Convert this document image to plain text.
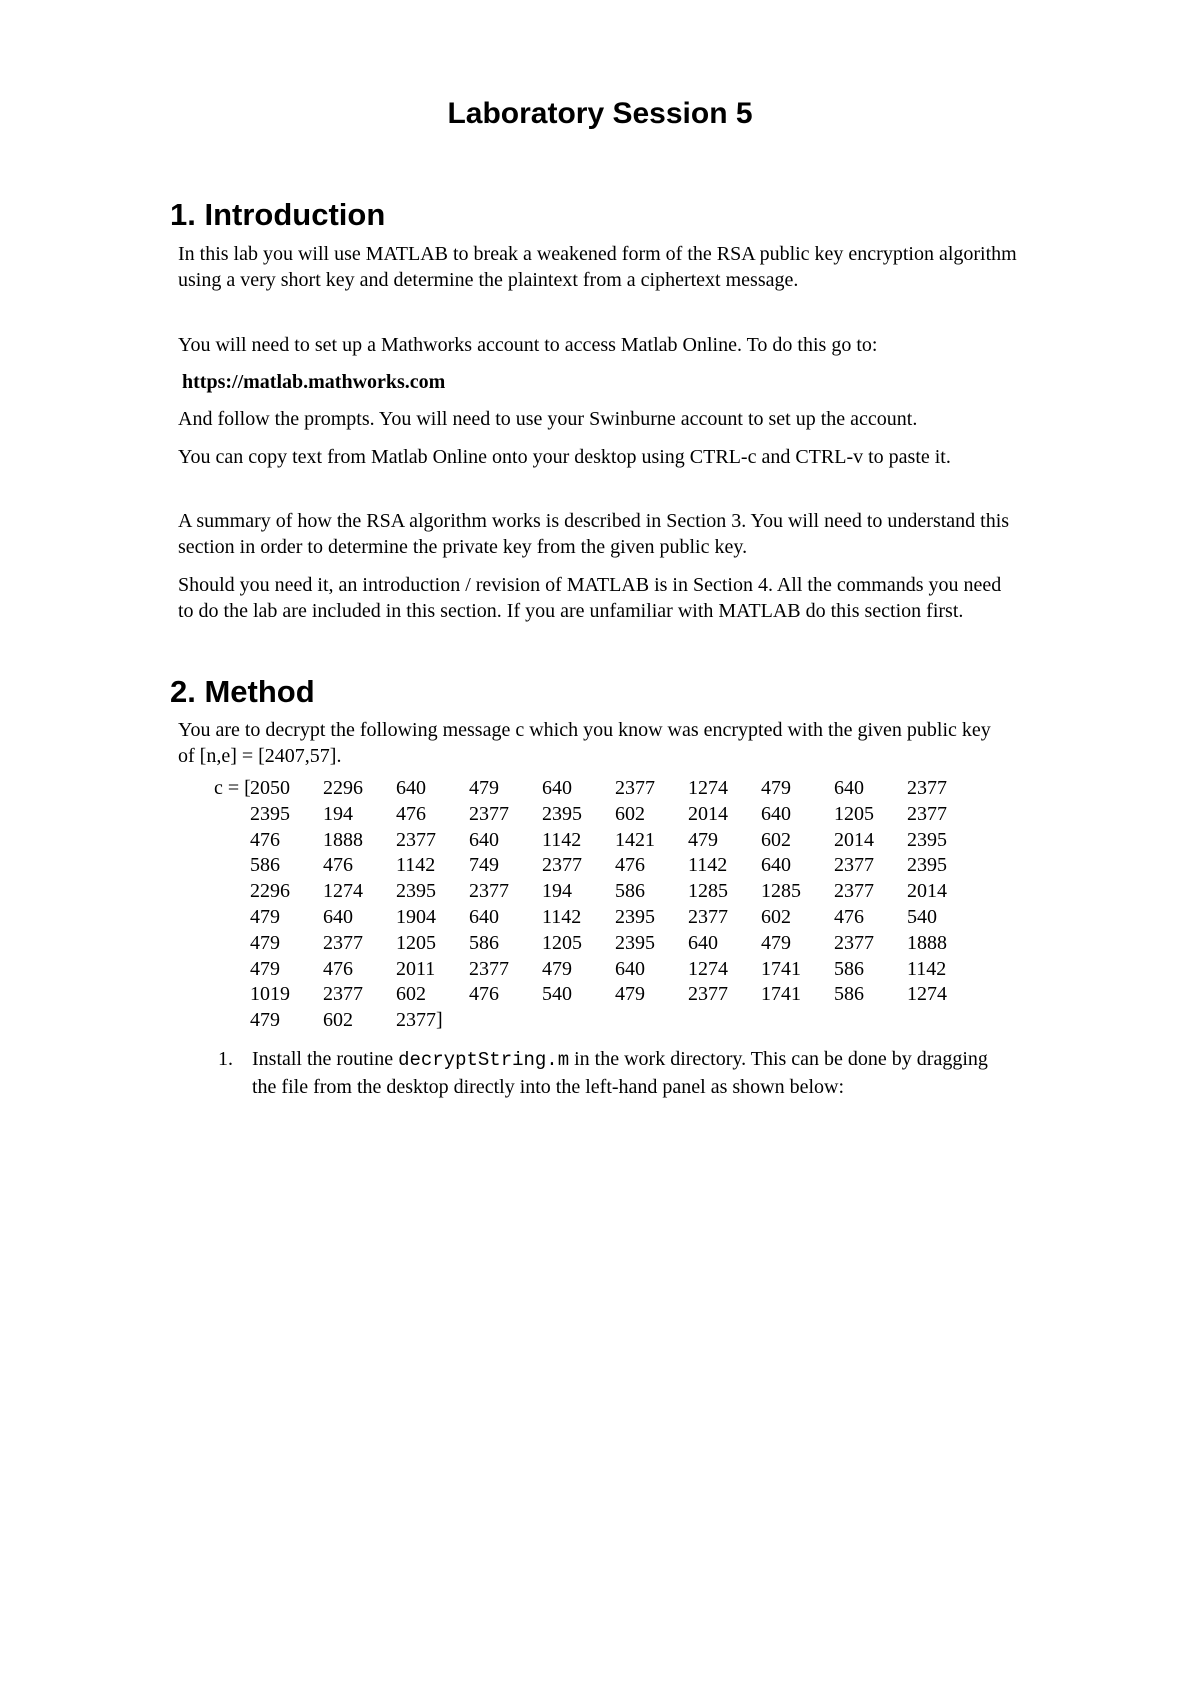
Laboratory Session 5
1. Introduction

In this lab you will use MATLAB to break a weakened form of the RSA public key encryption algorithm using a very short key and determine the plaintext from a ciphertext message.

You will need to set up a Mathworks account to access Matlab Online. To do this go to:

https://matlab.mathworks.com

And follow the prompts. You will need to use your Swinburne account to set up the account.

You can copy text from Matlab Online onto your desktop using CTRL-c and CTRL-v to paste it.

A summary of how the RSA algorithm works is described in Section 3. You will need to understand this section in order to determine the private key from the given public key.

Should you need it, an introduction / revision of MATLAB is in Section 4. All the commands you need to do the lab are included in this section. If you are unfamiliar with MATLAB do this section first.

2. Method

You are to decrypt the following message c which you know was encrypted with the given public key of [n,e] = [2407,57].

c = [ 2050 2296 640 479 640 2377 1274 479 640 2377
2395 194 476 2377 2395 602 2014 640 1205 2377
476 1888 2377 640 1142 1421 479 602 2014 2395
586 476 1142 749 2377 476 1142 640 2377 2395
2296 1274 2395 2377 194 586 1285 1285 2377 2014
479 640 1904 640 1142 2395 2377 602 476 540
479 2377 1205 586 1205 2395 640 479 2377 1888
479 476 2011 2377 479 640 1274 1741 586 1142
1019 2377 602 476 540 479 2377 1741 586 1274
479 602 2377]
1. Install the routine decryptString.m in the work directory. This can be done by dragging the file from the desktop directly into the left-hand panel as shown below:
